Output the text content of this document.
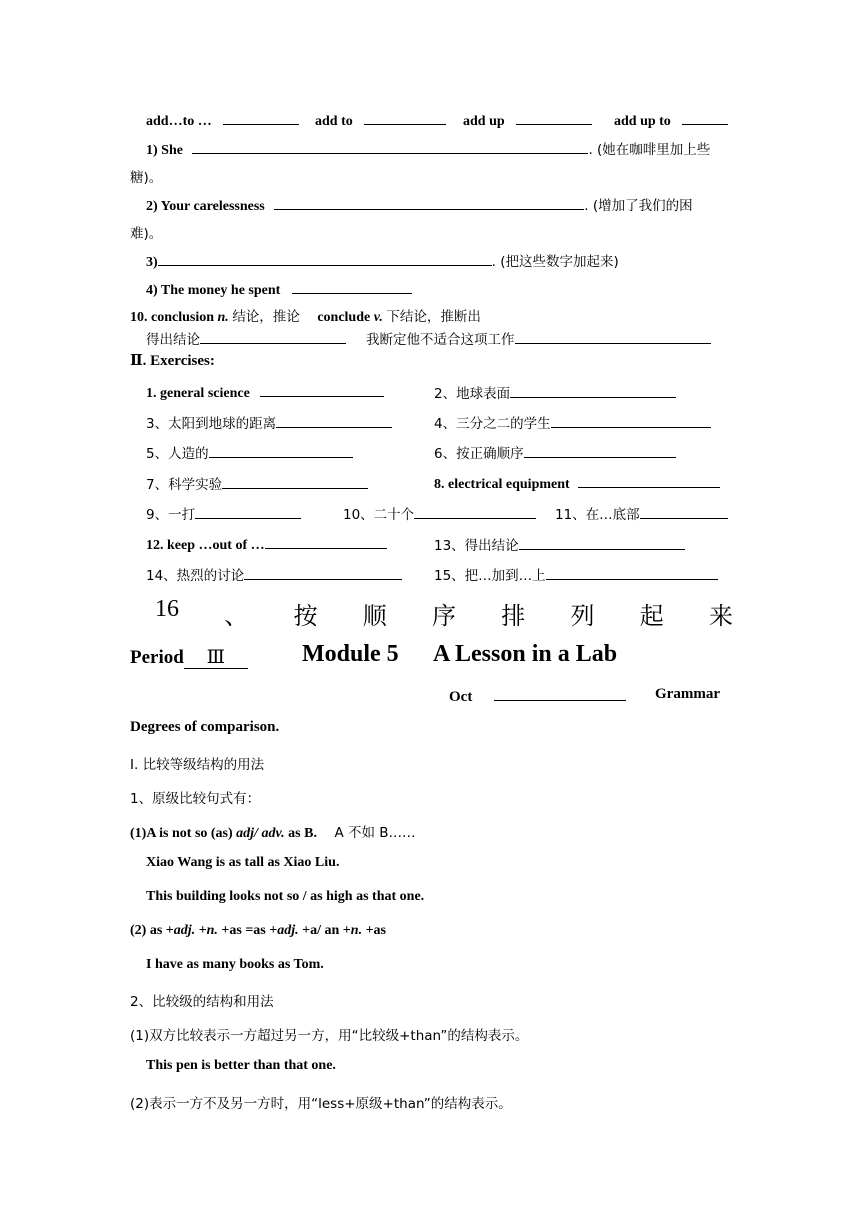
add…to …	add to	add up	add up to
1) She	. (她在咖啡里加上些
糖)。
2) Your carelessness	. (增加了我们的困
难)。
3)	. (把这些数字加起来)
4) The money he spent
10. conclusion n. 结论，推论 conclude v. 下结论，推断出
得出结论	我断定他不适合这项工作
Ⅱ. Exercises:
1. general science	2、地球表面
3、太阳到地球的距离	4、三分之二的学生
5、人造的	6、按正确顺序
7、科学实验	8. electrical equipment
9、一打	10、二十个	11、在…底部
12. keep …out of …	13、得出结论
14、热烈的讨论	15、把…加到…上
16 、 按 顺 序 排 列 起 来
Period Ⅲ	Module 5 A Lesson in a Lab
Oct	Grammar
Degrees of comparison.
Ⅰ. 比较等级结构的用法
1、原级比较句式有：
(1)A is not so (as) adj/ adv. as B. A 不如 B……
Xiao Wang is as tall as Xiao Liu.
This building looks not so / as high as that one.
(2) as +adj. +n. +as =as +adj. +a/ an +n. +as
I have as many books as Tom.
2、比较级的结构和用法
(1)双方比较表示一方超过另一方，用“比较级+than”的结构表示。
This pen is better than that one.
(2)表示一方不及另一方时，用“less+原级+than”的结构表示。
